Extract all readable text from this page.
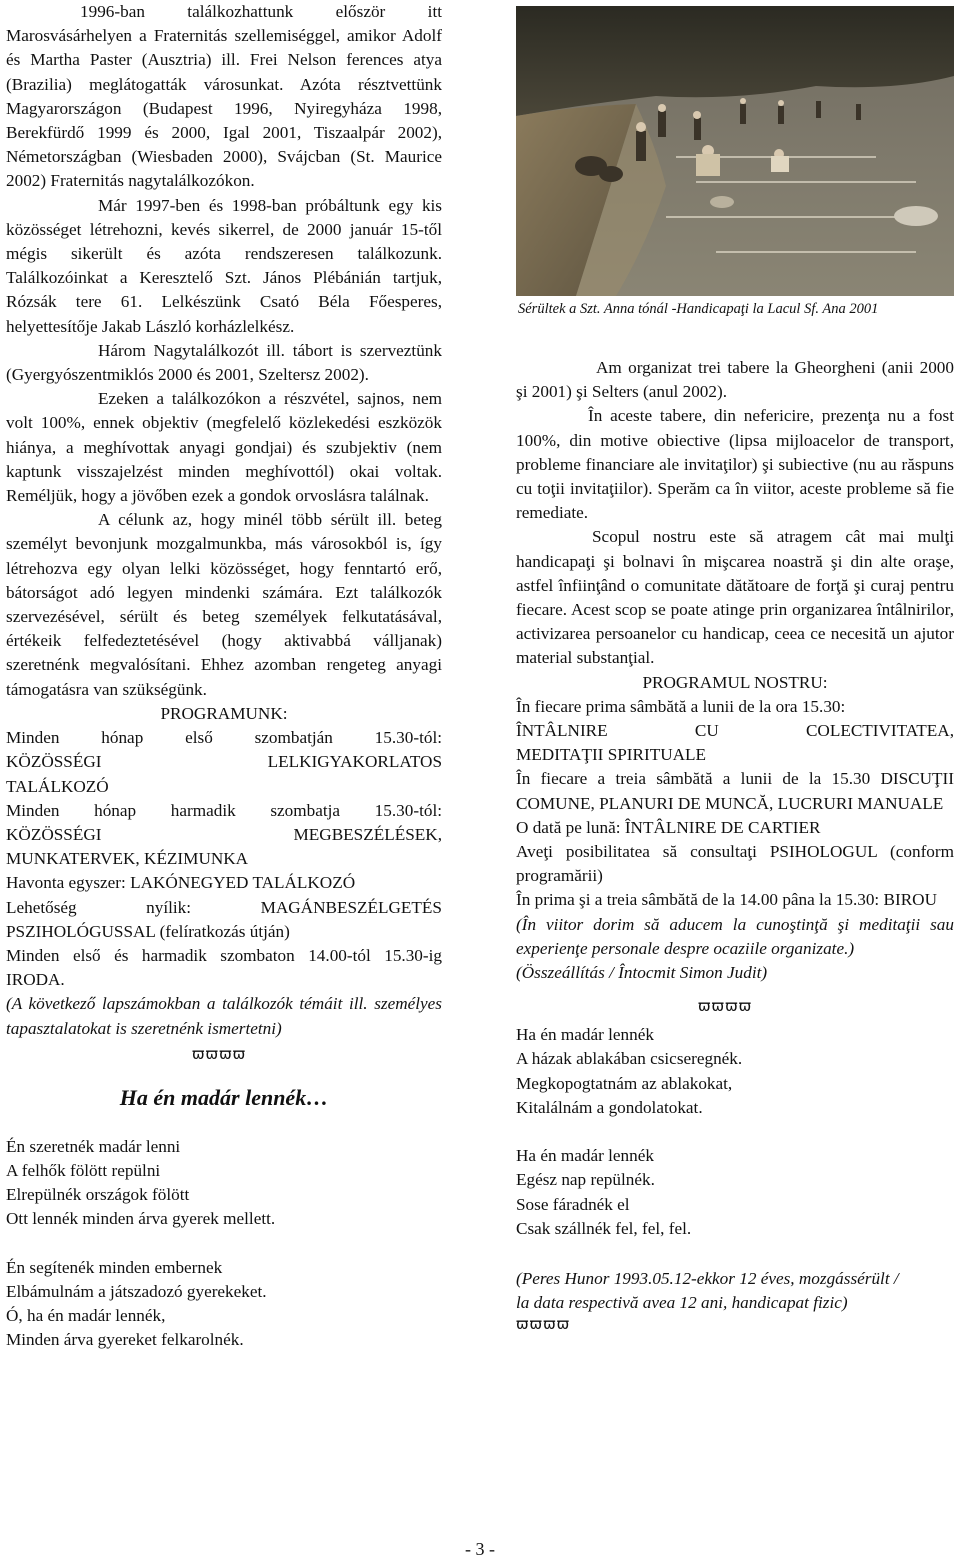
1996-ban találkozhattunk először itt Marosvásárhelyen a Fraternitás szellemiséggel, amikor Adolf és Martha Paster (Ausztria) ill. Frei Nelson ferences atya (Brazilia) meglátogatták városunkat. Azóta résztvettünk Magyarországon (Budapest 1996, Nyiregyháza 1998, Berekfürdő 1999 és 2000, Igal 2001, Tiszaalpár 2002), Németországban (Wiesbaden 2000), Svájcban (St. Maurice 2002) Fraternitás nagytalálkozókon.

Már 1997-ben és 1998-ban próbáltunk egy kis közösséget létrehozni, kevés sikerrel, de 2000 január 15-től mégis sikerült és azóta rendszeresen találkozunk. Találkozóinkat a Keresztelő Szt. János Plébánián tartjuk, Rózsák tere 61. Lelkészünk Csató Béla Főesperes, helyettesítője Jakab László korházlelkész.

Három Nagytalálkozót ill. tábort is szerveztünk (Gyergyószentmiklós 2000 és 2001, Szeltersz 2002).

Ezeken a találkozókon a részvétel, sajnos, nem volt 100%, ennek objektiv (megfelelő közlekedési eszközök hiánya, a meghívottak anyagi gondjai) és szubjektiv (nem kaptunk visszajelzést minden meghívottól) okai voltak. Reméljük, hogy a jövőben ezek a gondok orvoslásra találnak.

A célunk az, hogy minél több sérült ill. beteg személyt bevonjunk mozgalmunkba, más városokból is, így létrehozva egy olyan lelki közösséget, hogy fenntartó erő, bátorságot adó legyen mindenki számára. Ezt találkozók szervezésével, sérült és beteg személyek felkutatásával, értékeik felfedeztetésével (hogy aktivabbá válljanak) szeretnénk megvalósítani. Ehhez azomban rengeteg anyagi támogatásra van szükségünk.

PROGRAMUNK:

Minden hónap első szombatján 15.30-tól:

KÖZÖSSÉGI LELKIGYAKORLATOS

TALÁLKOZÓ

Minden hónap harmadik szombatja 15.30-tól:

KÖZÖSSÉGI MEGBESZÉLÉSEK,

MUNKATERVEK, KÉZIMUNKA

Havonta egyszer: LAKÓNEGYED TALÁLKOZÓ

Lehetőség nyílik: MAGÁNBESZÉLGETÉS

PSZIHOLÓGUSSAL (felíratkozás útján)

Minden első és harmadik szombaton 14.00-tól 15.30-ig IRODA.

(A következő lapszámokban a találkozók témáit ill. személyes tapasztalatokat is szeretnénk ismertetni)

ϖϖϖϖ

Ha én madár lennék…

Én szeretnék madár lenni

A felhők fölött repülni

Elrepülnék országok fölött

Ott lennék minden árva gyerek mellett.

Én segítenék minden embernek

Elbámulnám a játszadozó gyerekeket.

Ó, ha én madár lennék,

Minden árva gyereket felkarolnék.

Sérültek a Szt. Anna tónál -Handicapaţi la Lacul Sf. Ana 2001

Am organizat trei tabere la Gheorgheni (anii 2000 şi 2001) şi Selters (anul 2002).

În aceste tabere, din nefericire, prezenţa nu a fost 100%, din motive obiective (lipsa mijloacelor de transport, probleme financiare ale invitaţilor) şi subiective (nu au răspuns cu toţii invitaţiilor). Sperăm ca în viitor, aceste probleme să fie remediate.

Scopul nostru este să atragem cât mai mulţi handicapaţi şi bolnavi în mişcarea noastră şi din alte oraşe, astfel înfiinţând o comunitate dătătoare de forţă şi curaj pentru fiecare. Acest scop se poate atinge prin organizarea întâlnirilor, activizarea persoanelor cu handicap, ceea ce necesită un ajutor material substanţial.

PROGRAMUL NOSTRU:

În fiecare prima sâmbătă a lunii de la ora 15.30:

ÎNTÂLNIRE CU COLECTIVITATEA,

MEDITAŢII SPIRITUALE

În fiecare a treia sâmbătă a lunii de la 15.30 DISCUŢII COMUNE, PLANURI DE MUNCĂ, LUCRURI MANUALE

O dată pe lună: ÎNTÂLNIRE DE CARTIER

Aveţi posibilitatea să consultaţi PSIHOLOGUL (conform programării)

În prima şi a treia sâmbătă de la 14.00 pâna la 15.30: BIROU

(În viitor dorim să aducem la cunoştinţă şi meditaţii sau experienţe personale despre ocaziile organizate.)

(Összeállítás / Întocmit Simon Judit)

ϖϖϖϖ

Ha én madár lennék

A házak ablakában csicseregnék.

Megkopogtatnám az ablakokat,

Kitalálnám a gondolatokat.

Ha én madár lennék

Egész nap repülnék.

Sose fáradnék el

Csak szállnék fel, fel, fel.

(Peres Hunor 1993.05.12-ekkor 12 éves, mozgássérült / la data respectivă avea 12 ani, handicapat fizic)

ϖϖϖϖ

- 3 -
